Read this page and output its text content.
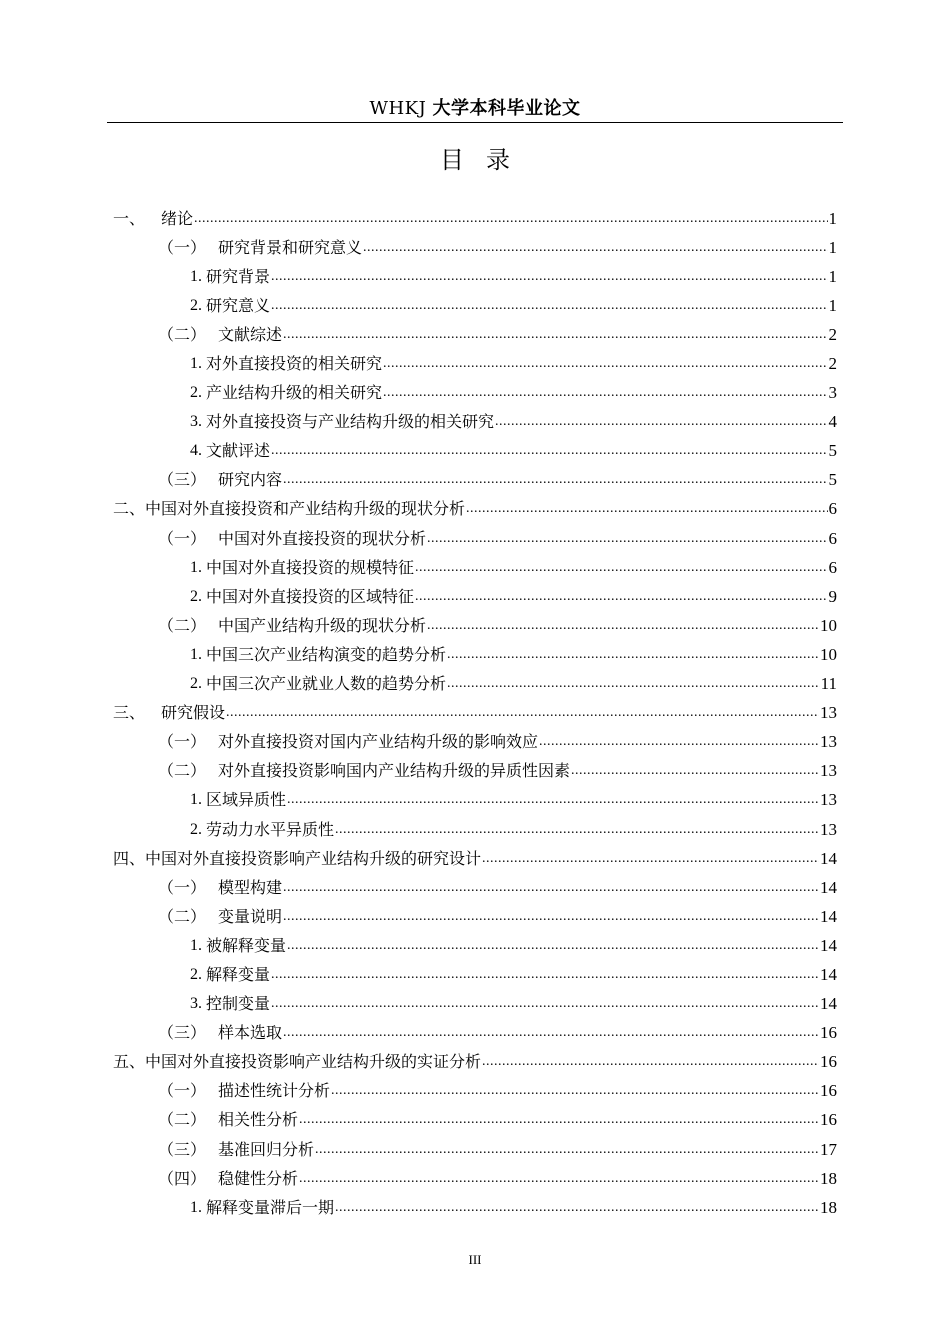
WHKJ 大学本科毕业论文
目录
一、 绪论 .....	1
（一） 研究背景和研究意义 .....	1
1. 研究背景 .....	1
2. 研究意义 .....	1
（二） 文献综述 .....	2
1. 对外直接投资的相关研究 .....	2
2. 产业结构升级的相关研究 .....	3
3. 对外直接投资与产业结构升级的相关研究 .....	4
4. 文献评述 .....	5
（三） 研究内容 .....	5
二、 中国对外直接投资和产业结构升级的现状分析 .....	6
（一） 中国对外直接投资的现状分析 .....	6
1. 中国对外直接投资的规模特征 .....	6
2. 中国对外直接投资的区域特征 .....	9
（二） 中国产业结构升级的现状分析 .....	10
1. 中国三次产业结构演变的趋势分析 .....	10
2. 中国三次产业就业人数的趋势分析 .....	11
三、 研究假设 .....	13
（一） 对外直接投资对国内产业结构升级的影响效应 .....	13
（二） 对外直接投资影响国内产业结构升级的异质性因素 .....	13
1. 区域异质性 .....	13
2. 劳动力水平异质性 .....	13
四、 中国对外直接投资影响产业结构升级的研究设计 .....	14
（一） 模型构建 .....	14
（二） 变量说明 .....	14
1. 被解释变量 .....	14
2. 解释变量 .....	14
3. 控制变量 .....	14
（三） 样本选取 .....	16
五、 中国对外直接投资影响产业结构升级的实证分析 .....	16
（一） 描述性统计分析 .....	16
（二） 相关性分析 .....	16
（三） 基准回归分析 .....	17
（四） 稳健性分析 .....	18
1. 解释变量滞后一期 .....	18
III
